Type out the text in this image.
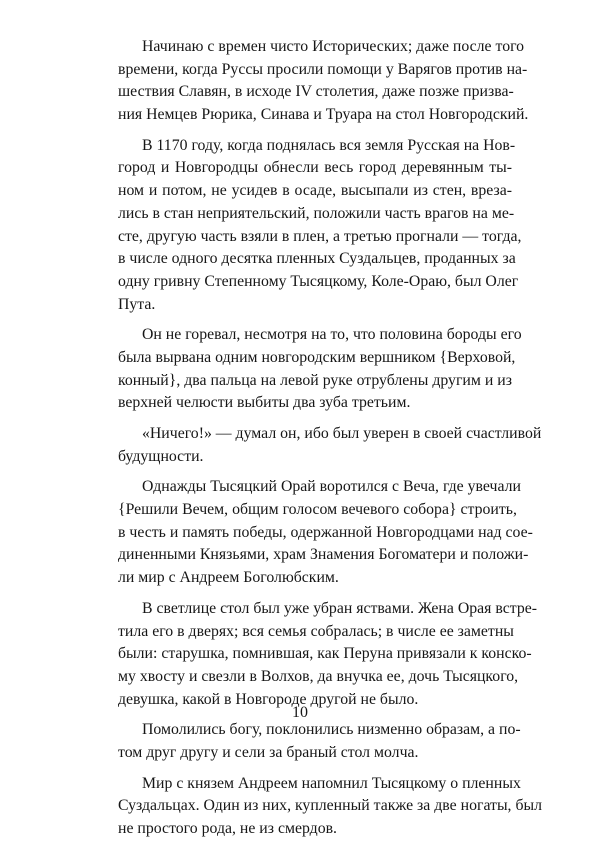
Начинаю с времен чисто Исторических; даже после того
времени, когда Руссы просили помощи у Варягов против на-
шествия Славян, в исходе IV столетия, даже позже призва-
ния Немцев Рюрика, Синава и Труара на стол Новгородский.
В 1170 году, когда поднялась вся земля Русская на Нов-
город и Новгородцы обнесли весь город деревянным ты-
ном и потом, не усидев в осаде, высыпали из стен, вреза-
лись в стан неприятельский, положили часть врагов на ме-
сте, другую часть взяли в плен, а третью прогнали — тогда,
в числе одного десятка пленных Суздальцев, проданных за
одну гривну Степенному Тысяцкому, Коле-Ораю, был Олег
Пута.
Он не горевал, несмотря на то, что половина бороды его
была вырвана одним новгородским вершником {Верховой,
конный}, два пальца на левой руке отрублены другим и из
верхней челюсти выбиты два зуба третьим.
«Ничего!» — думал он, ибо был уверен в своей счастливой
будущности.
Однажды Тысяцкий Орай воротился с Веча, где увечали
{Решили Вечем, общим голосом вечевого собора} строить,
в честь и память победы, одержанной Новгородцами над сое-
диненными Князьями, храм Знамения Богоматери и положи-
ли мир с Андреем Боголюбским.
В светлице стол был уже убран яствами. Жена Орая встре-
тила его в дверях; вся семья собралась; в числе ее заметны
были: старушка, помнившая, как Перуна привязали к конско-
му хвосту и свезли в Волхов, да внучка ее, дочь Тысяцкого,
девушка, какой в Новгороде другой не было.
Помолились богу, поклонились низменно образам, а по-
том друг другу и сели за браный стол молча.
Мир с князем Андреем напомнил Тысяцкому о пленных
Суздальцах. Один из них, купленный также за две ногаты, был
не простого рода, не из смердов.
10
